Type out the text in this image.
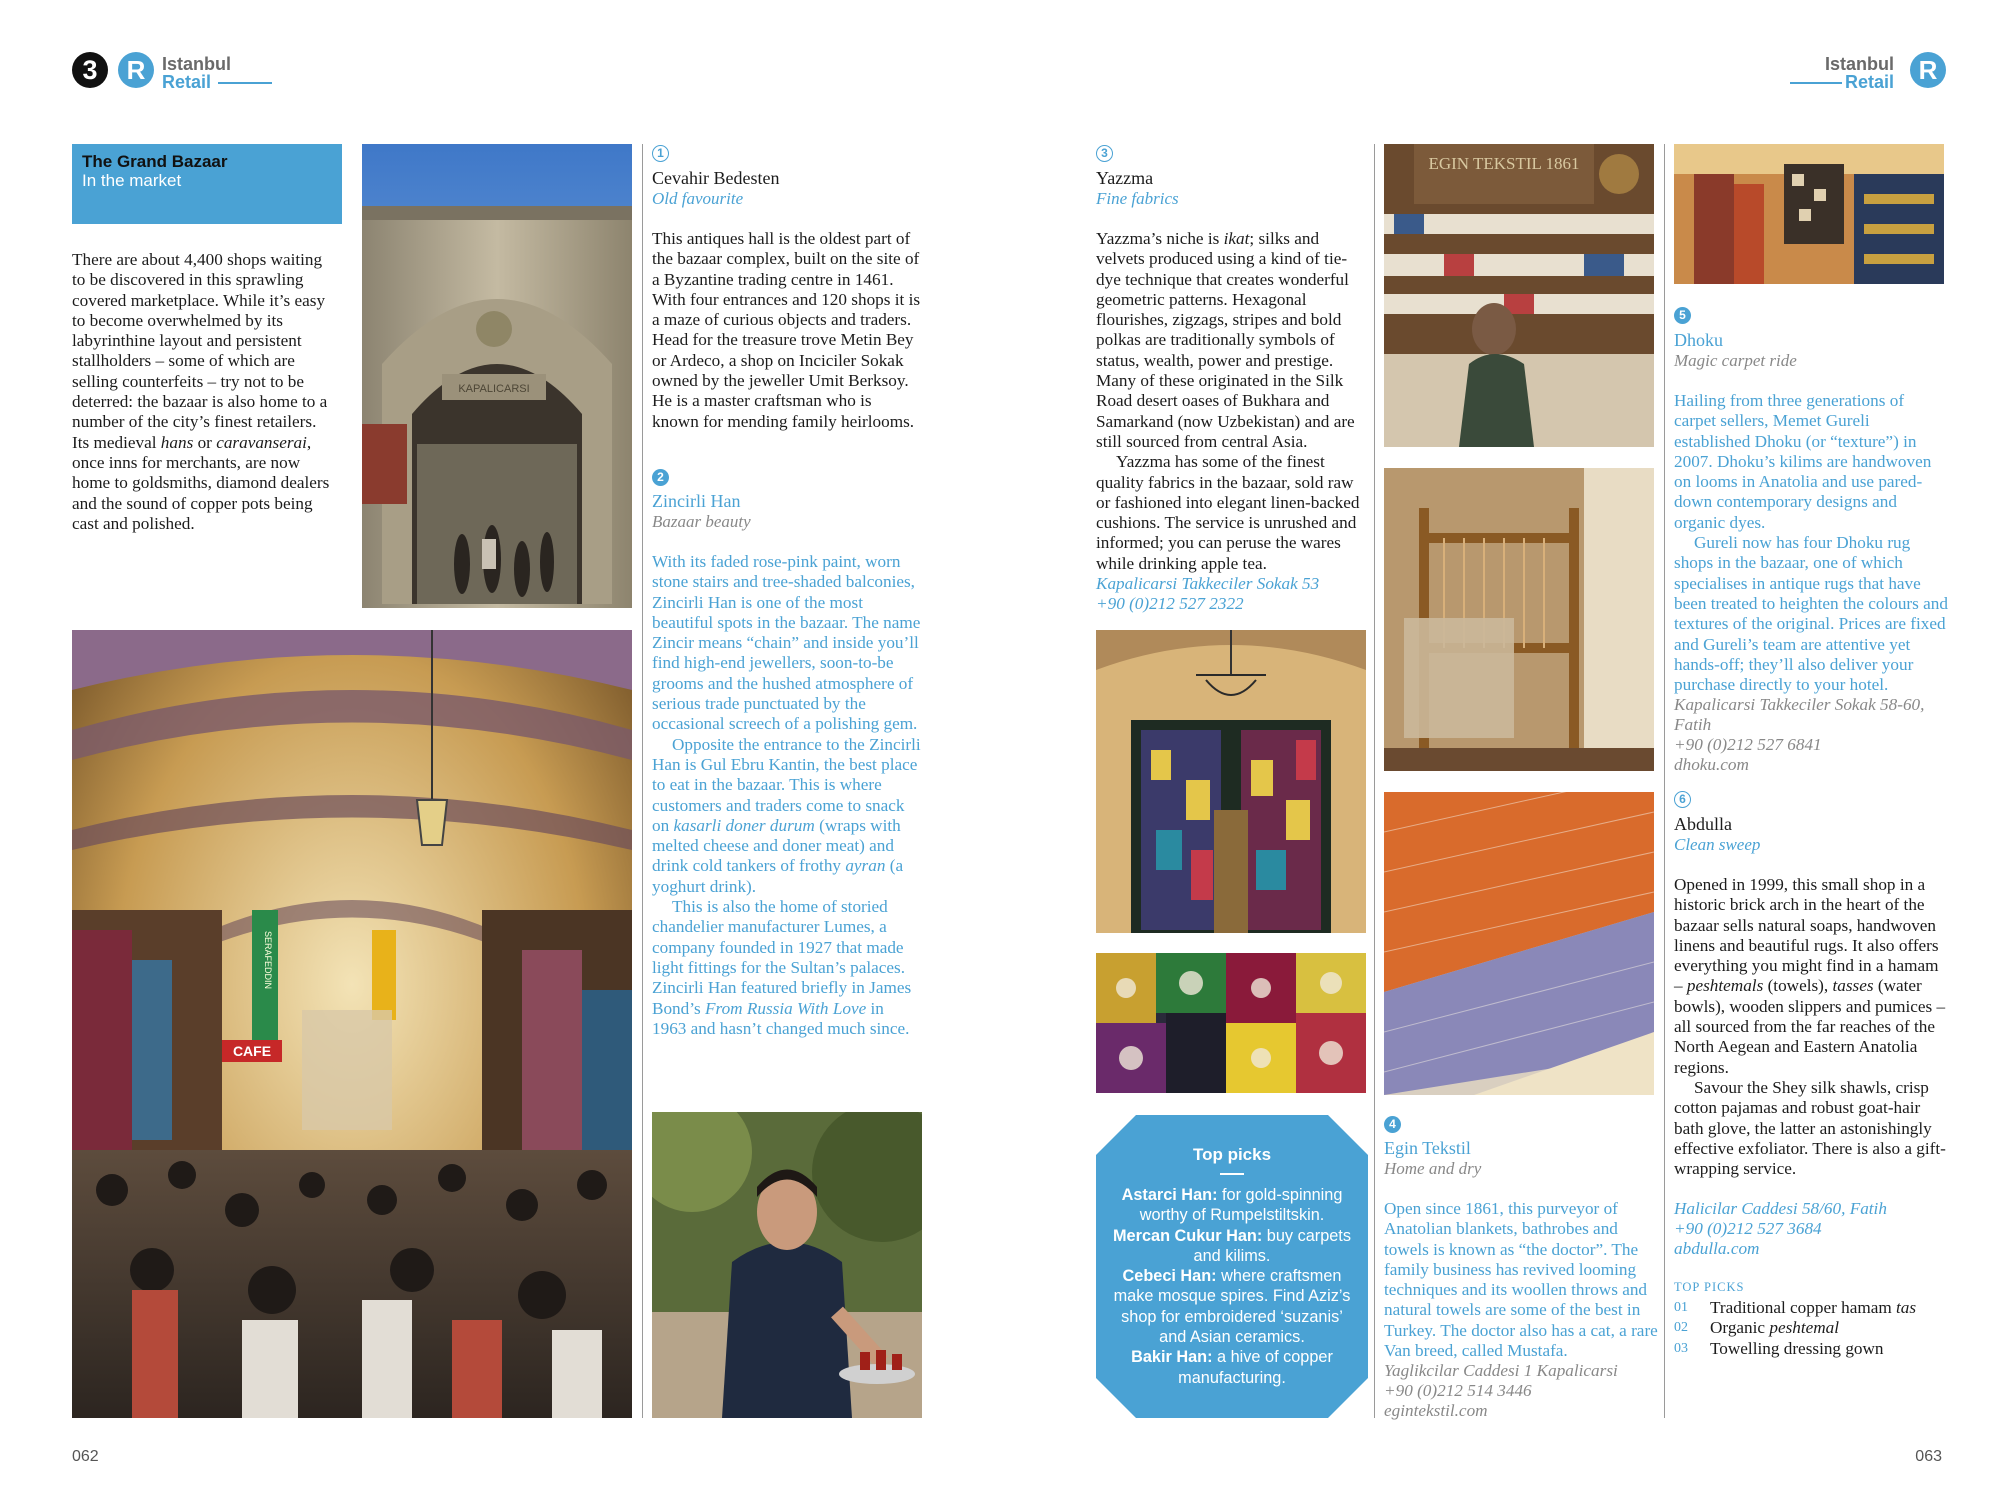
3	R Istanbul
Retail
Istanbul
Retail R
The Grand Bazaar
In the market
There are about 4,400 shops waiting to be discovered in this sprawling covered marketplace. While it’s easy to become overwhelmed by its labyrinthine layout and persistent stallholders – some of which are selling counterfeits – try not to be deterred: the bazaar is also home to a number of the city’s finest retailers. Its medieval hans or caravanserai, once inns for merchants, are now home to goldsmiths, diamond dealers and the sound of copper pots being cast and polished.
KAPALICARSI
SERAFEDDIN
CAFE
1
Cevahir Bedesten
Old favourite

This antiques hall is the oldest part of the bazaar complex, built on the site of a Byzantine trading centre in 1461. With four entrances and 120 shops it is a maze of curious objects and traders. Head for the treasure trove Metin Bey or Ardeco, a shop on Inciciler Sokak owned by the jeweller Umit Berksoy. He is a master craftsman who is known for mending family heirlooms.

2
Zincirli Han
Bazaar beauty

With its faded rose-pink paint, worn stone stairs and tree-shaded balconies, Zincirli Han is one of the most beautiful spots in the bazaar. The name Zincir means “chain” and inside you’ll find high-end jewellers, soon-to-be grooms and the hushed atmosphere of serious trade punctuated by the occasional screech of a polishing gem.

Opposite the entrance to the Zincirli Han is Gul Ebru Kantin, the best place to eat in the bazaar. This is where customers and traders come to snack on kasarli doner durum (wraps with melted cheese and doner meat) and drink cold tankers of frothy ayran (a yoghurt drink).

This is also the home of storied chandelier manufacturer Lumes, a company founded in 1927 that made light fittings for the Sultan’s palaces. Zincirli Han featured briefly in James Bond’s From Russia With Love in 1963 and hasn’t changed much since.

3
Yazzma
Fine fabrics

Yazzma’s niche is ikat; silks and velvets produced using a kind of tie-dye technique that creates wonderful geometric patterns. Hexagonal flourishes, zigzags, stripes and bold polkas are traditionally symbols of status, wealth, power and prestige. Many of these originated in the Silk Road desert oases of Bukhara and Samarkand (now Uzbekistan) and are still sourced from central Asia.

Yazzma has some of the finest quality fabrics in the bazaar, sold raw or fashioned into elegant linen-backed cushions. The service is unrushed and informed; you can peruse the wares while drinking apple tea.

Kapalicarsi Takkeciler Sokak 53
+90 (0)212 527 2322
Top picks
Astarci Han: for gold-spinning worthy of Rumpelstiltskin.
Mercan Cukur Han: buy carpets and kilims.
Cebeci Han: where craftsmen make mosque spires. Find Aziz’s shop for embroidered ‘suzanis’ and Asian ceramics.
Bakir Han: a hive of copper manufacturing.
EGIN TEKSTIL 1861
4
Egin Tekstil
Home and dry

Open since 1861, this purveyor of Anatolian blankets, bathrobes and towels is known as “the doctor”. The family business has revived looming techniques and its woollen throws and natural towels are some of the best in Turkey. The doctor also has a cat, a rare Van breed, called Mustafa.

Yaglikcilar Caddesi 1 Kapalicarsi
+90 (0)212 514 3446
egintekstil.com
5
Dhoku
Magic carpet ride

Hailing from three generations of carpet sellers, Memet Gureli established Dhoku (or “texture”) in 2007. Dhoku’s kilims are handwoven on looms in Anatolia and use pared-down contemporary designs and organic dyes.

Gureli now has four Dhoku rug shops in the bazaar, one of which specialises in antique rugs that have been treated to heighten the colours and textures of the original. Prices are fixed and Gureli’s team are attentive yet hands-off; they’ll also deliver your purchase directly to your hotel.

Kapalicarsi Takkeciler Sokak 58-60, Fatih
+90 (0)212 527 6841
dhoku.com
6
Abdulla
Clean sweep

Opened in 1999, this small shop in a historic brick arch in the heart of the bazaar sells natural soaps, handwoven linens and beautiful rugs. It also offers everything you might find in a hamam – peshtemals (towels), tasses (water bowls), wooden slippers and pumices – all sourced from the far reaches of the North Aegean and Eastern Anatolia regions.

Savour the Shey silk shawls, crisp cotton pajamas and robust goat-hair bath glove, the latter an astonishingly effective exfoliator. There is also a gift-wrapping service.

Halicilar Caddesi 58/60, Fatih
+90 (0)212 527 3684
abdulla.com
TOP PICKS
01	Traditional copper hamam tas
02	Organic peshtemal
03	Towelling dressing gown
062	063
